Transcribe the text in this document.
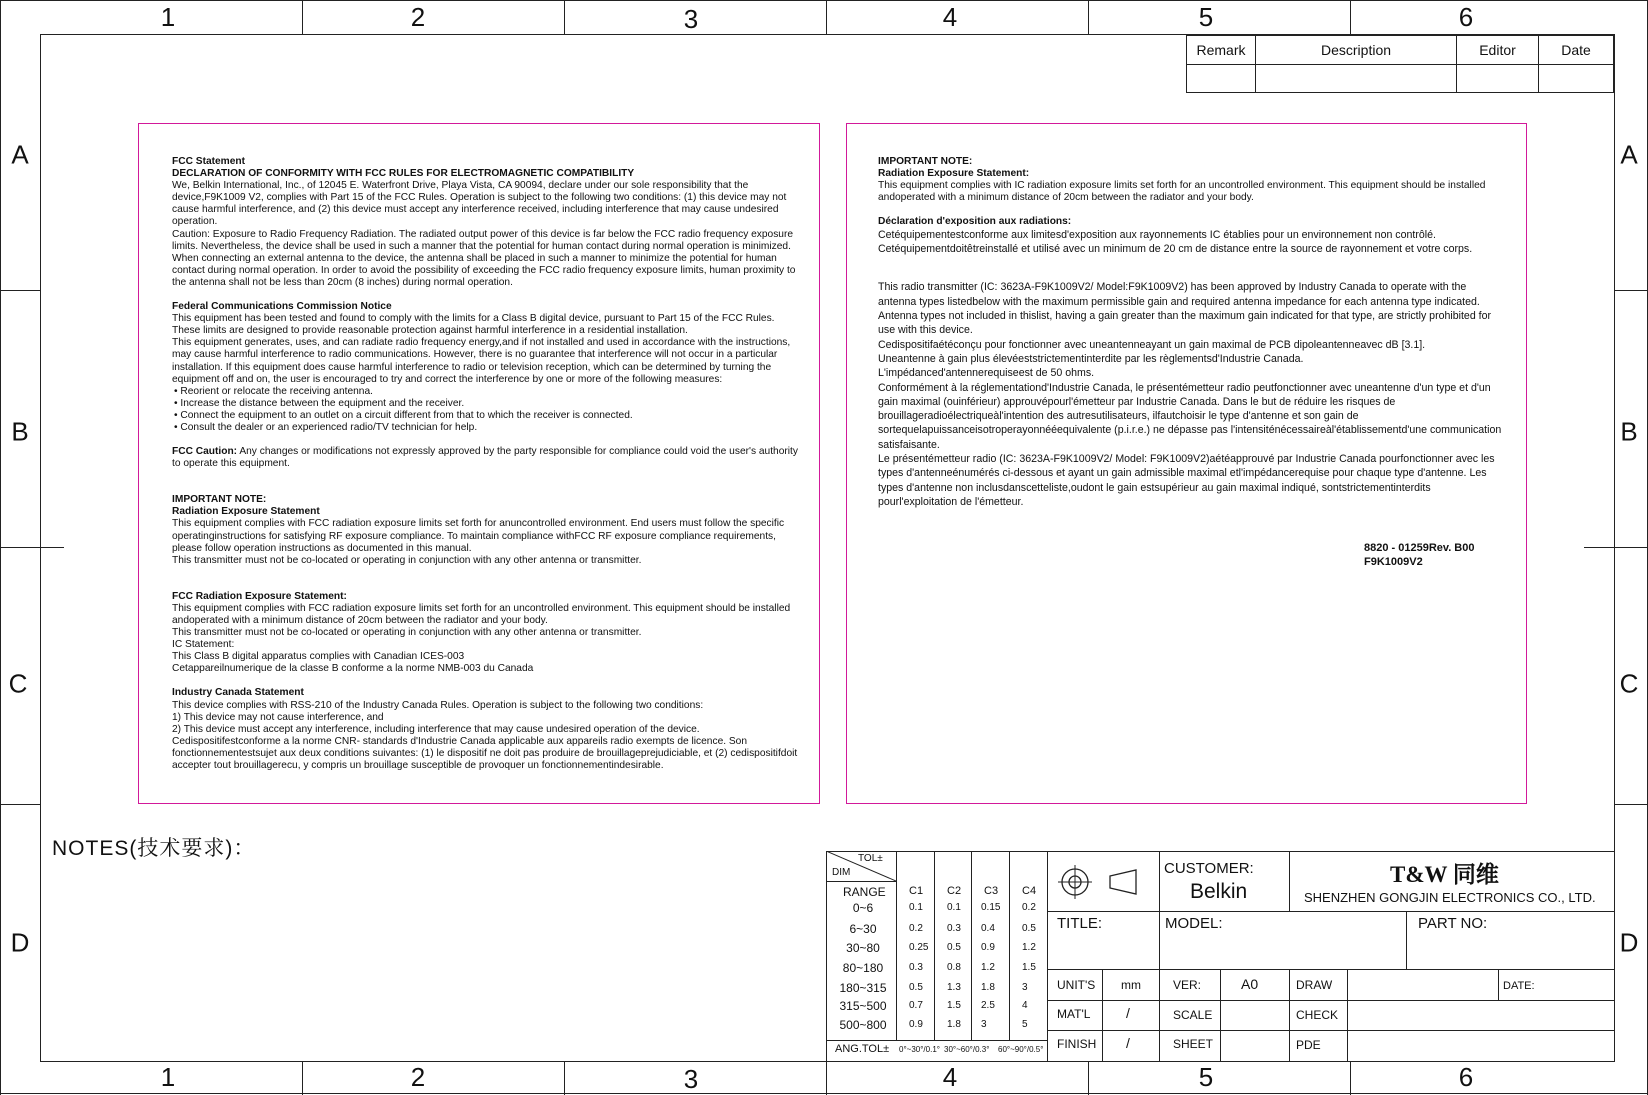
1	2	3	4	5	6
1	2	3	4	5	6
A
B
C
D
A
B
C
D
Remark	Description	Editor	Date

FCC Statement

DECLARATION OF CONFORMITY WITH FCC RULES FOR ELECTROMAGNETIC COMPATIBILITY

We, Belkin International, Inc., of 12045 E. Waterfront Drive, Playa Vista, CA 90094, declare under our sole responsibility that the device,F9K1009 V2, complies with Part 15 of the FCC Rules. Operation is subject to the following two conditions: (1) this device may not cause harmful interference, and (2) this device must accept any interference received, including interference that may cause undesired operation.

Caution: Exposure to Radio Frequency Radiation. The radiated output power of this device is far below the FCC radio frequency exposure limits. Nevertheless, the device shall be used in such a manner that the potential for human contact during normal operation is minimized. When connecting an external antenna to the device, the antenna shall be placed in such a manner to minimize the potential for human contact during normal operation. In order to avoid the possibility of exceeding the FCC radio frequency exposure limits, human proximity to the antenna shall not be less than 20cm (8 inches) during normal operation.

Federal Communications Commission Notice

This equipment has been tested and found to comply with the limits for a Class B digital device, pursuant to Part 15 of the FCC Rules. These limits are designed to provide reasonable protection against harmful interference in a residential installation.

This equipment generates, uses, and can radiate radio frequency energy,and if not installed and used in accordance with the instructions, may cause harmful interference to radio communications. However, there is no guarantee that interference will not occur in a particular installation. If this equipment does cause harmful interference to radio or television reception, which can be determined by turning the equipment off and on, the user is encouraged to try and correct the interference by one or more of the following measures:

• Reorient or relocate the receiving antenna.

• Increase the distance between the equipment and the receiver.

• Connect the equipment to an outlet on a circuit different from that to which the receiver is connected.

• Consult the dealer or an experienced radio/TV technician for help.

FCC Caution: Any changes or modifications not expressly approved by the party responsible for compliance could void the user's authority to operate this equipment.

IMPORTANT NOTE:

Radiation Exposure Statement

This equipment complies with FCC radiation exposure limits set forth for anuncontrolled environment. End users must follow the specific operatinginstructions for satisfying RF exposure compliance. To maintain compliance withFCC RF exposure compliance requirements, please follow operation instructions as documented in this manual.

This transmitter must not be co-located or operating in conjunction with any other antenna or transmitter.

FCC Radiation Exposure Statement:

This equipment complies with FCC radiation exposure limits set forth for an uncontrolled environment. This equipment should be installed andoperated with a minimum distance of 20cm between the radiator and your body.

This transmitter must not be co-located or operating in conjunction with any other antenna or transmitter.

IC Statement:

This Class B digital apparatus complies with Canadian ICES-003

Cetappareilnumerique de la classe B conforme a la norme NMB-003 du Canada

Industry Canada Statement

This device complies with RSS-210 of the Industry Canada Rules. Operation is subject to the following two conditions:

1) This device may not cause interference, and

2) This device must accept any interference, including interference that may cause undesired operation of the device.

Cedispositifestconforme a la norme CNR- standards d'Industrie Canada applicable aux appareils radio exempts de licence. Son fonctionnementestsujet aux deux conditions suivantes: (1) le dispositif ne doit pas produire de brouillageprejudiciable, et (2) cedispositifdoit accepter tout brouillagerecu, y compris un brouillage susceptible de provoquer un fonctionnementindesirable.

IMPORTANT NOTE:

Radiation Exposure Statement:

This equipment complies with IC radiation exposure limits set forth for an uncontrolled environment. This equipment should be installed andoperated with a minimum distance of 20cm between the radiator and your body.

Déclaration d'exposition aux radiations:

Cetéquipementestconforme aux limitesd'exposition aux rayonnements IC établies pour un environnement non contrôlé.

Cetéquipementdoitêtreinstallé et utilisé avec un minimum de 20 cm de distance entre la source de rayonnement et votre corps.

This radio transmitter (IC: 3623A-F9K1009V2/ Model:F9K1009V2) has been approved by Industry Canada to operate with the antenna types listedbelow with the maximum permissible gain and required antenna impedance for each antenna type indicated. Antenna types not included in thislist, having a gain greater than the maximum gain indicated for that type, are strictly prohibited for use with this device.

Cedispositifaétéconçu pour fonctionner avec uneantenneayant un gain maximal de PCB dipoleantenneavec dB [3.1].

Uneantenne à gain plus élevéeststrictementinterdite par les règlementsd'Industrie Canada.

L'impédanced'antennerequiseest de 50 ohms.

Conformément à la réglementationd'Industrie Canada, le présentémetteur radio peutfonctionner avec uneantenne d'un type et d'un gain maximal (ouinférieur) approuvépourl'émetteur par Industrie Canada. Dans le but de réduire les risques de brouillageradioélectriqueàl'intention des autresutilisateurs, ilfautchoisir le type d'antenne et son gain de sortequelapuissanceisotroperayonnééequivalente (p.i.r.e.) ne dépasse pas l'intensiténécessaireàl'établissementd'une communication satisfaisante.

Le présentémetteur radio (IC: 3623A-F9K1009V2/ Model: F9K1009V2)aétéapprouvé par Industrie Canada pourfonctionner avec les types d'antenneénumérés ci-dessous et ayant un gain admissible maximal etl'impédancerequise pour chaque type d'antenne. Les types d'antenne non inclusdanscetteliste,oudont le gain estsupérieur au gain maximal indiqué, sontstrictementinterdits pourl'exploitation de l'émetteur.

8820 - 01259Rev. B00
F9K1009V2
NOTES(技术要求)：	TOL±
DIM
RANGE C1 C2 C3 C4
0~6	0.1 0.1 0.15 0.2
6~30	0.2 0.3 0.4	0.5
30~80	0.25 0.5 0.9	1.2
80~180	0.3 0.8 1.2	1.5
180~315 0.5 1.3 1.8	3
315~500 0.7 1.5 2.5	4
500~800 0.9 1.8 3	5
ANG.TOL± 0°~30°/0.1° 30°~60°/0.3° 60°~90°/0.5°
CUSTOMER:
Belkin
T&W 同维
SHENZHEN GONGJIN ELECTRONICS CO., LTD.
TITLE:	MODEL:	PART NO:
UNIT'S mm	VER:	A0	DRAW	DATE:
MAT'L	/	SCALE	CHECK
FINISH /	SHEET	PDE
